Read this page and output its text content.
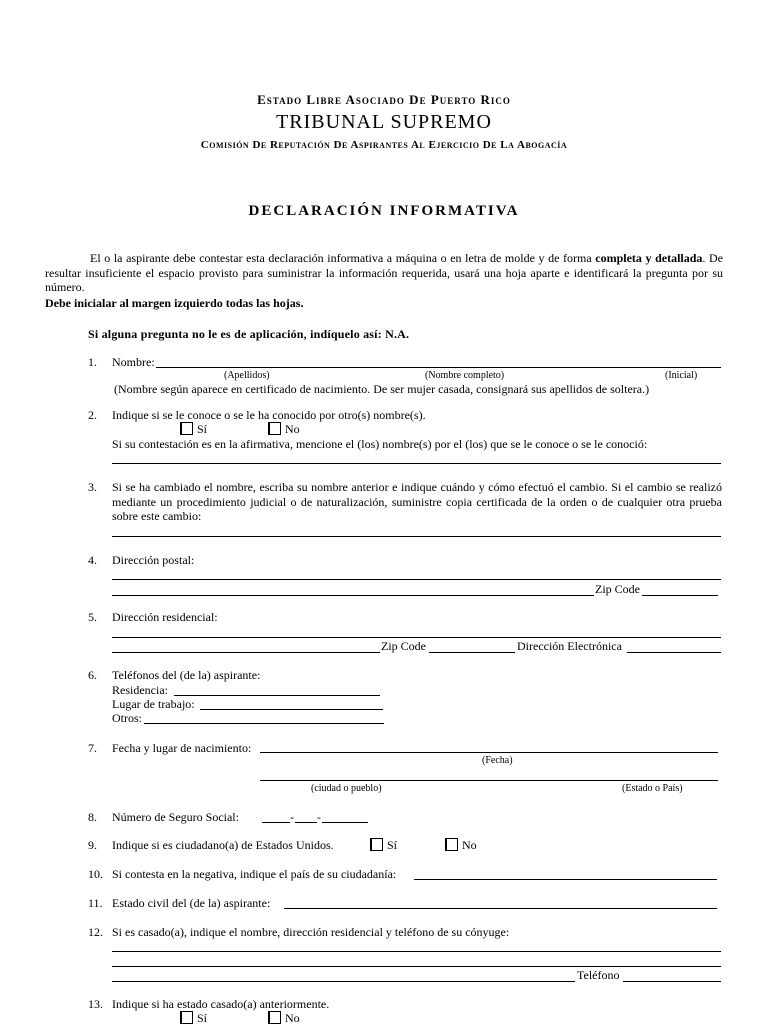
Estado Libre Asociado De Puerto Rico
TRIBUNAL SUPREMO
Comisión De Reputación De Aspirantes Al Ejercicio De La Abogacía
DECLARACIÓN INFORMATIVA
El o la aspirante debe contestar esta declaración informativa a máquina o en letra de molde y de forma completa y detallada. De resultar insuficiente el espacio provisto para suministrar la información requerida, usará una hoja aparte e identificará la pregunta por su número.
Debe inicialar al margen izquierdo todas las hojas.
Si alguna pregunta no le es de aplicación, indíquelo así: N.A.
1. Nombre:
(Apellidos)	(Nombre completo)	(Inicial)
(Nombre según aparece en certificado de nacimiento. De ser mujer casada, consignará sus apellidos de soltera.)
2. Indique si se le conoce o se le ha conocido por otro(s) nombre(s).
Sí	No
Si su contestación es en la afirmativa, mencione el (los) nombre(s) por el (los) que se le conoce o se le conoció:
3. Si se ha cambiado el nombre, escriba su nombre anterior e indique cuándo y cómo efectuó el cambio. Si el cambio se realizó mediante un procedimiento judicial o de naturalización, suministre copia certificada de la orden o de cualquier otra prueba sobre este cambio:
4. Dirección postal:
Zip Code
5. Dirección residencial:
Zip Code	Dirección Electrónica
6. Teléfonos del (de la) aspirante:
Residencia:
Lugar de trabajo:
Otros:
7. Fecha y lugar de nacimiento:
(Fecha)
(ciudad o pueblo)	(Estado o País)
8. Número de Seguro Social:	- -
9. Indique si es ciudadano(a) de Estados Unidos.	Sí	No
10. Si contesta en la negativa, indique el país de su ciudadanía:
11. Estado civil del (de la) aspirante:
12. Si es casado(a), indique el nombre, dirección residencial y teléfono de su cónyuge:
Teléfono
13. Indique si ha estado casado(a) anteriormente.
Sí	No
